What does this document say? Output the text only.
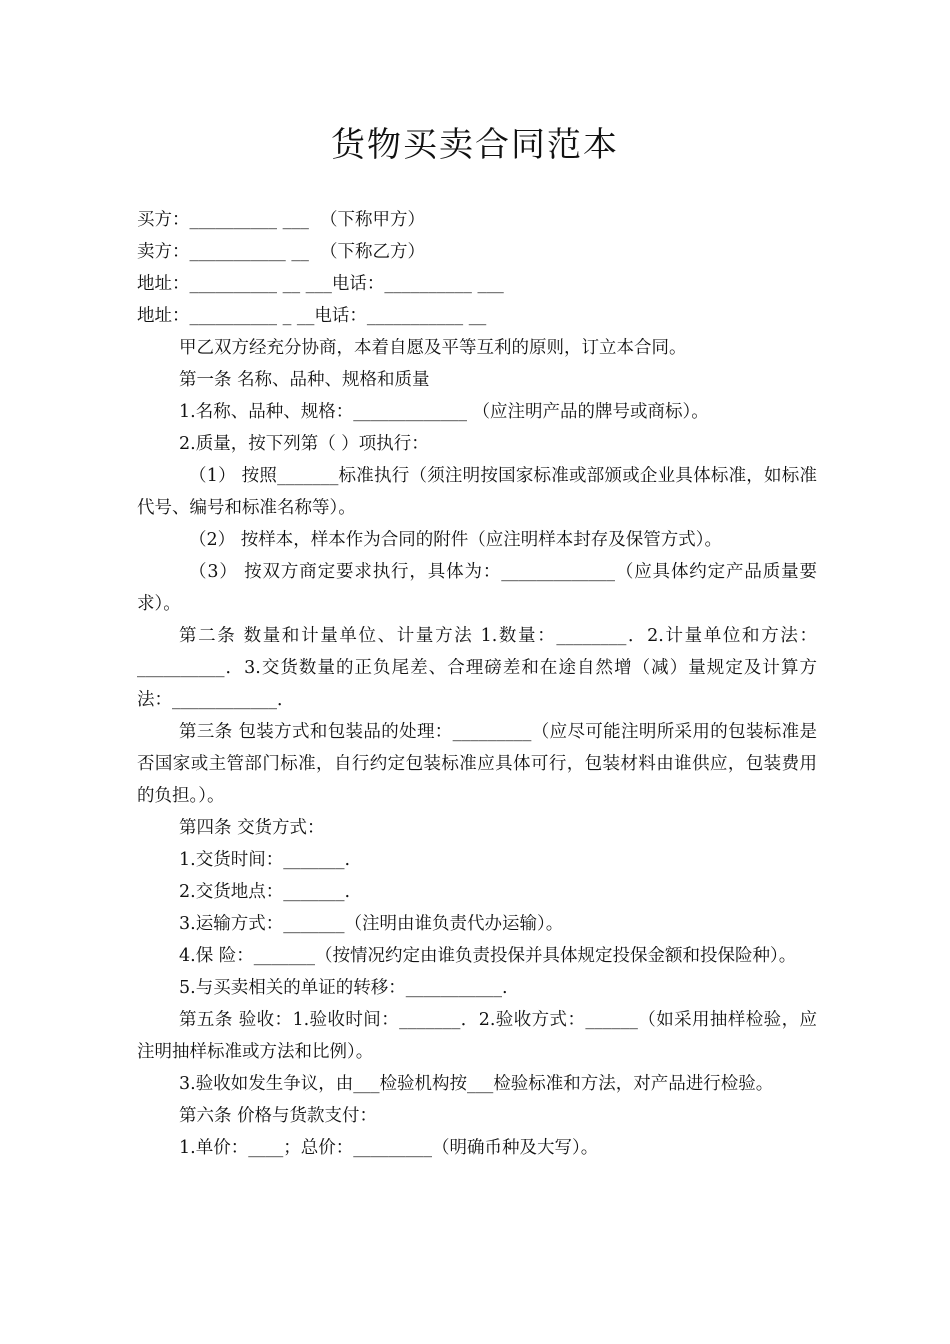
货物买卖合同范本
买方：__________ ___ （下称甲方）
卖方：___________ __ （下称乙方）
地址：__________ __ ___电话：__________ ___
地址：__________ _ __电话：___________ __
甲乙双方经充分协商，本着自愿及平等互利的原则，订立本合同。
第一条 名称、品种、规格和质量
1.名称、品种、规格：_____________ （应注明产品的牌号或商标）。
2.质量，按下列第（ ）项执行：
（1） 按照_______标准执行（须注明按国家标准或部颁或企业具体标准，如标准代号、编号和标准名称等）。
（2） 按样本，样本作为合同的附件（应注明样本封存及保管方式）。
（3） 按双方商定要求执行，具体为：_____________（应具体约定产品质量要求）。
第二条 数量和计量单位、计量方法 1.数量：________．2.计量单位和方法：__________．3.交货数量的正负尾差、合理磅差和在途自然增（减）量规定及计算方法：____________．
第三条 包装方式和包装品的处理：_________（应尽可能注明所采用的包装标准是否国家或主管部门标准，自行约定包装标准应具体可行，包装材料由谁供应，包装费用的负担。）。
第四条 交货方式：
1.交货时间：_______.
2.交货地点：_______.
3.运输方式：_______（注明由谁负责代办运输）。
4.保 险：_______（按情况约定由谁负责投保并具体规定投保金额和投保险种）。
5.与买卖相关的单证的转移：___________.
第五条 验收：1.验收时间：_______．2.验收方式：______（如采用抽样检验，应注明抽样标准或方法和比例）。
3.验收如发生争议，由___检验机构按___检验标准和方法，对产品进行检验。
第六条 价格与货款支付：
1.单价：____；总价：_________（明确币种及大写）。
